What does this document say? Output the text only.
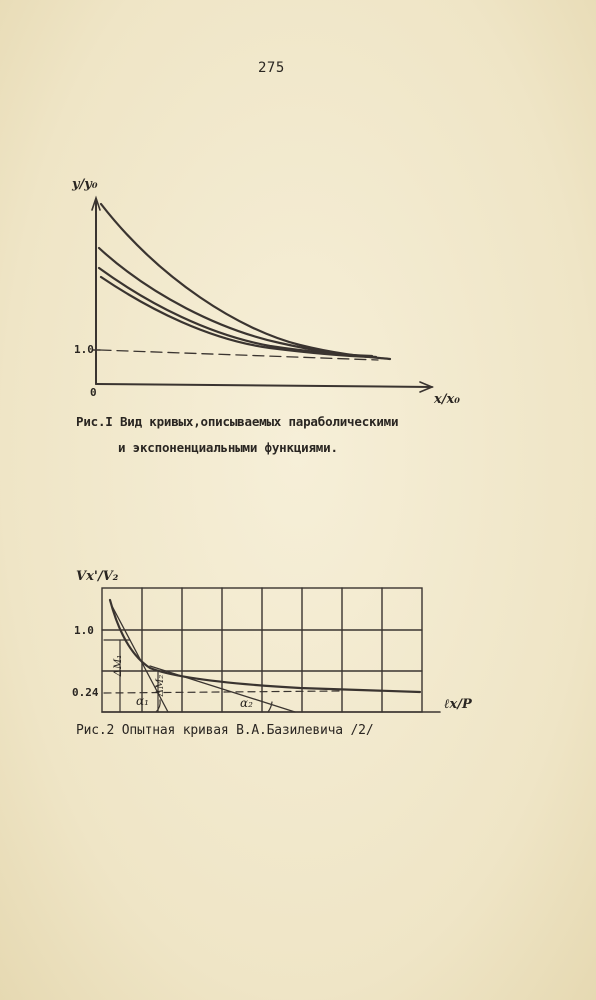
275
y/y₀
1.0
0	x/x₀
Рис.I Вид кривых,описываемых параболическими
и экспоненциальными функциями.
Vx'/V₂
1.0
0.24
ℓx/P
ΔM₁
ΔM₂
α₁	α₂
Рис.2 Опытная кривая В.А.Базилевича /2/
